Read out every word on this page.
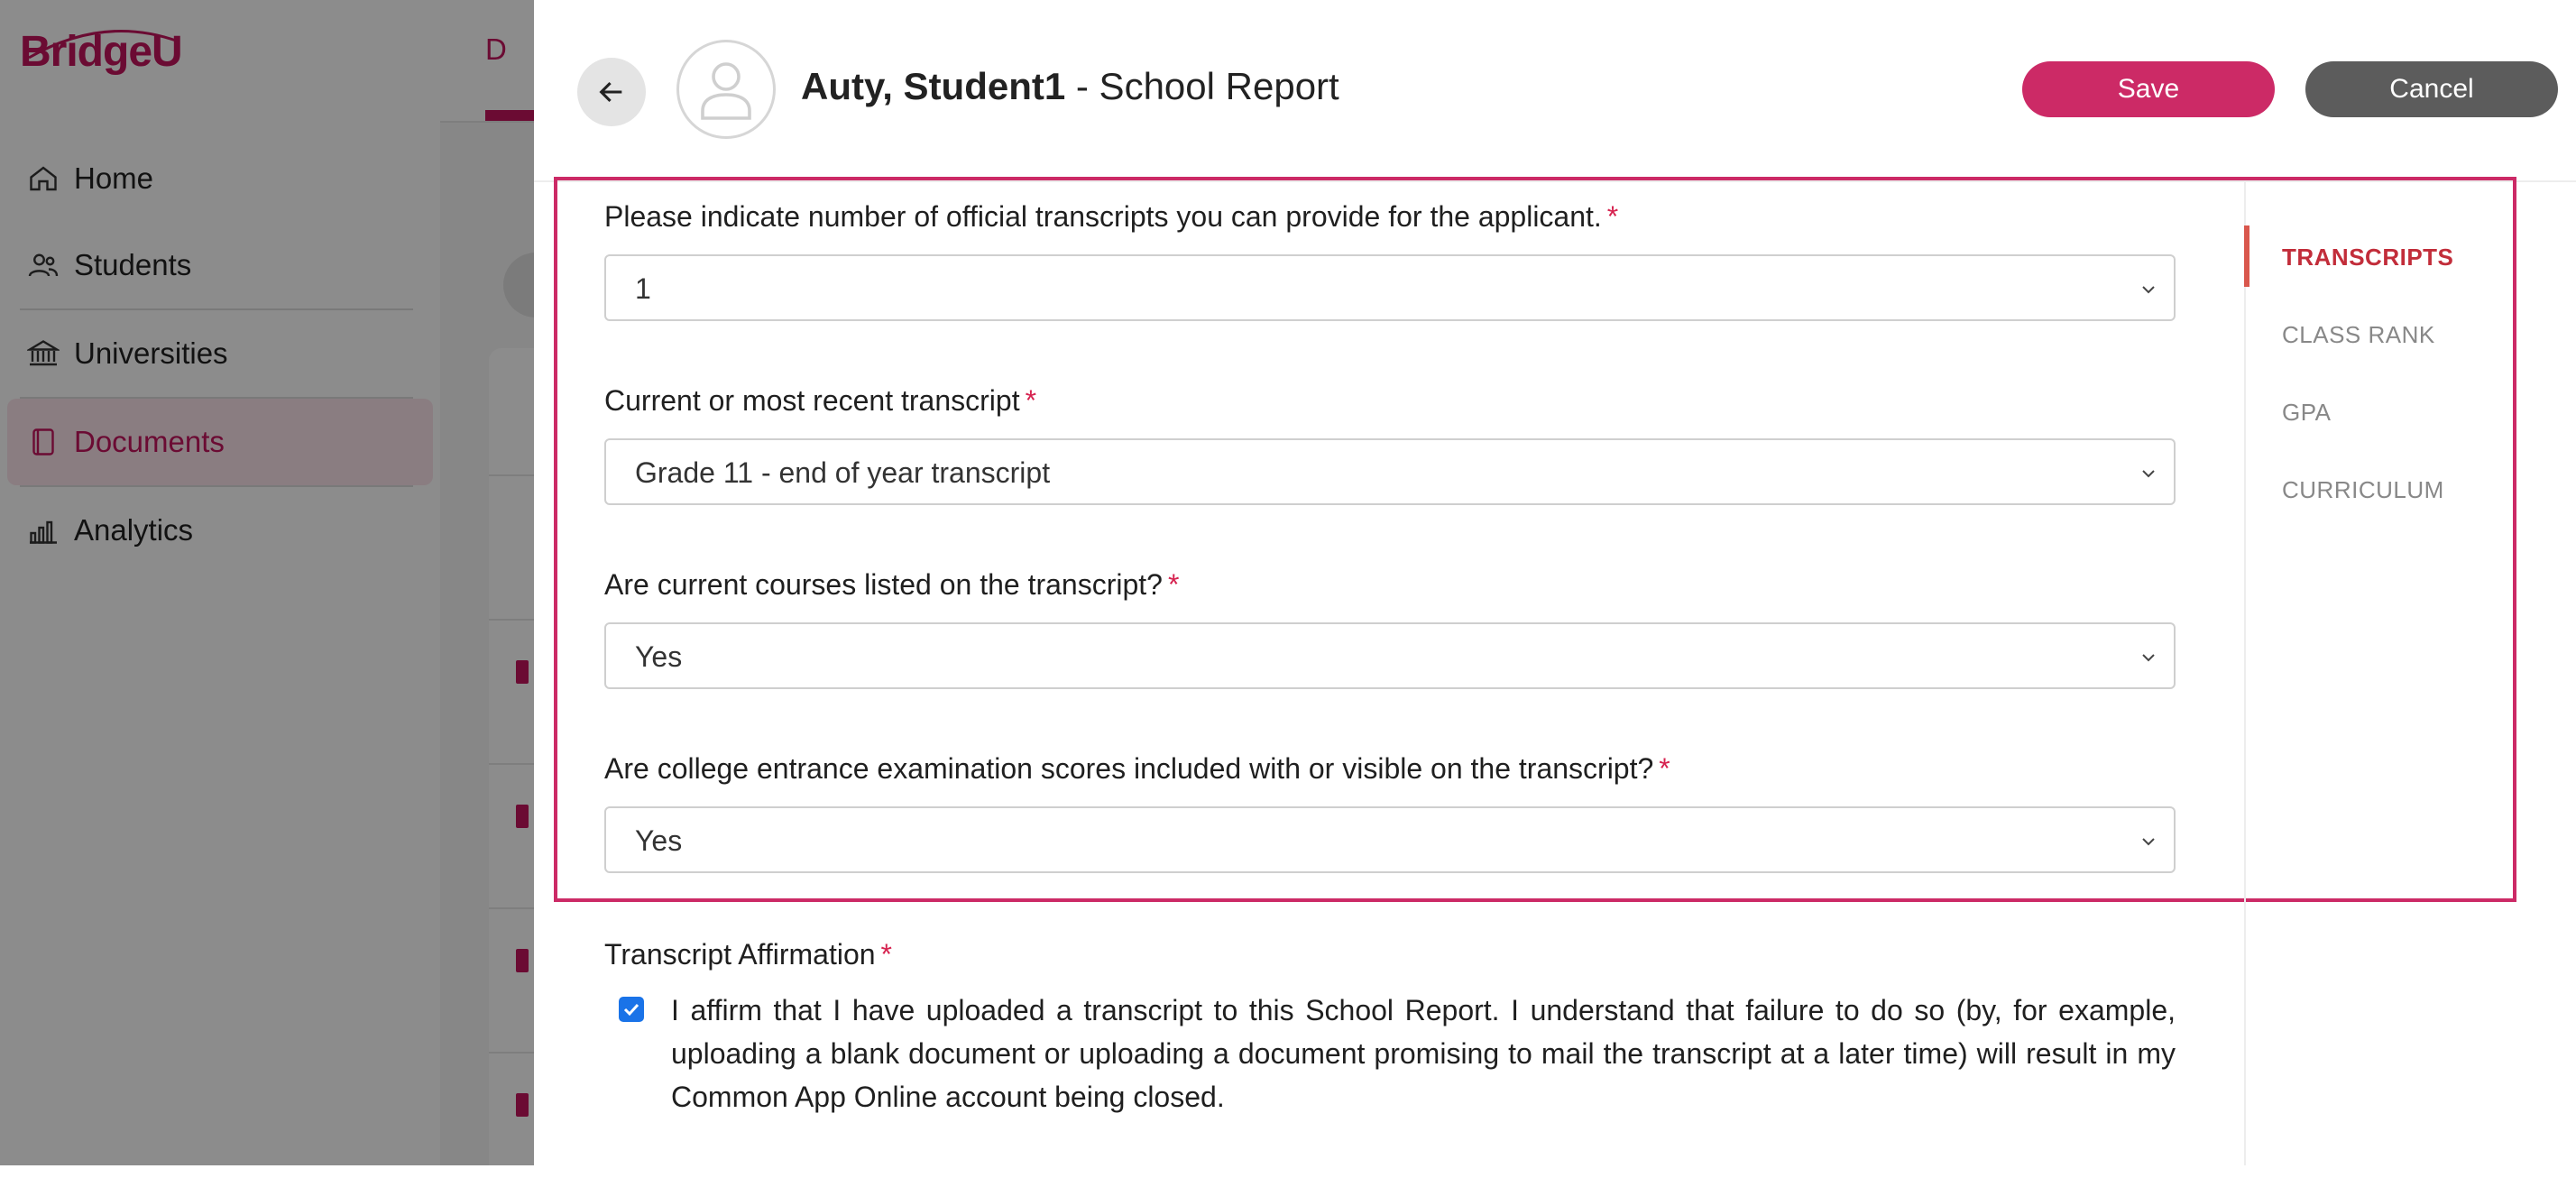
BridgeU
Home
Students
Universities
Documents
Analytics
D
Auty, Student1 - School Report	Save	Cancel
Please indicate number of official transcripts you can provide for the applicant. *
1
Current or most recent transcript *
Grade 11 - end of year transcript
Are current courses listed on the transcript? *
Yes
Are college entrance examination scores included with or visible on the transcript? *
Yes
Transcript Affirmation *
I affirm that I have uploaded a transcript to this School Report. I understand that failure to do so (by, for example, uploading a blank document or uploading a document promising to mail the transcript at a later time) will result in my Common App Online account being closed.
TRANSCRIPTS
CLASS RANK
GPA
CURRICULUM
